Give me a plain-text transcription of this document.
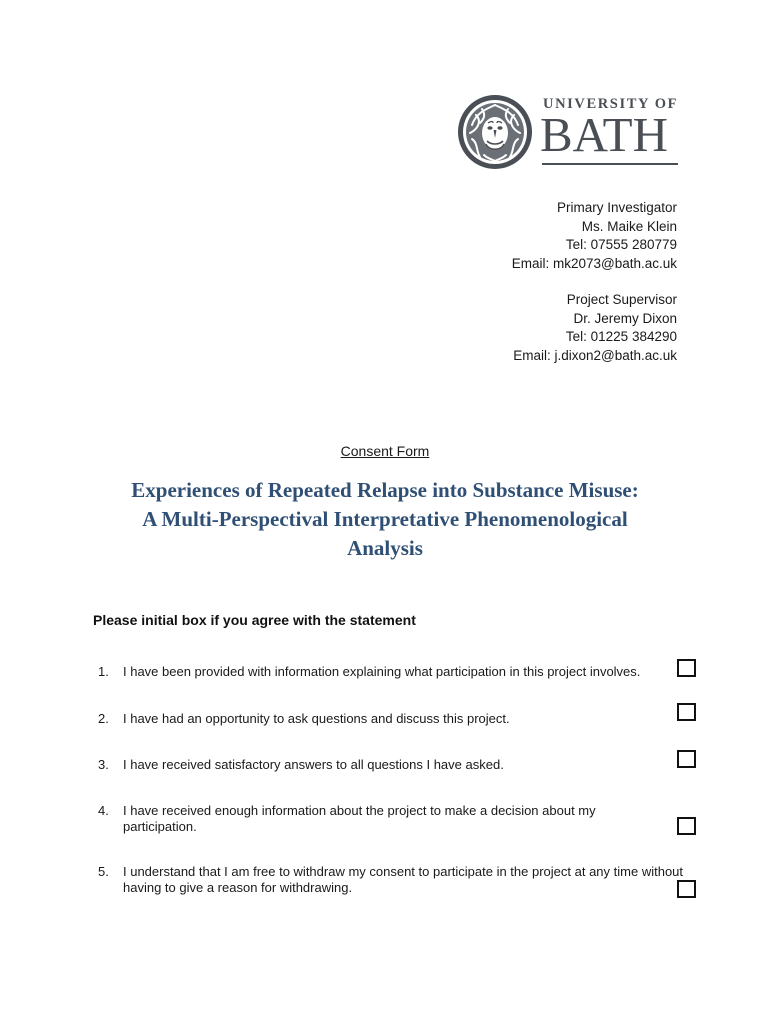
UNIVERSITY OF
BATH
Primary Investigator
Ms. Maike Klein
Tel: 07555 280779
Email: mk2073@bath.ac.uk
Project Supervisor
Dr. Jeremy Dixon
Tel: 01225 384290
Email: j.dixon2@bath.ac.uk
Consent Form
Experiences of Repeated Relapse into Substance Misuse:
A Multi-Perspectival Interpretative Phenomenological
Analysis
Please initial box if you agree with the statement
1.	I have been provided with information explaining what participation in this project involves.
2.	I have had an opportunity to ask questions and discuss this project.
3.	I have received satisfactory answers to all questions I have asked.
4.	I have received enough information about the project to make a decision about my participation.
5.	I understand that I am free to withdraw my consent to participate in the project at any time without having to give a reason for withdrawing.
